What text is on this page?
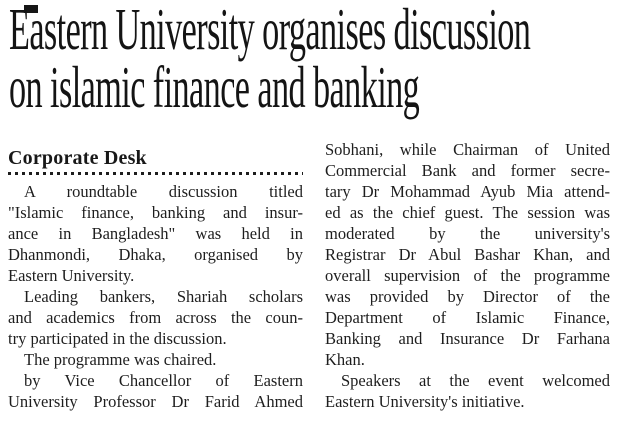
Eastern University organises discussion
on islamic finance and banking
Corporate Desk
A roundtable discussion titled
"Islamic finance, banking and insur-
ance in Bangladesh" was held in
Dhanmondi, Dhaka, organised by
Eastern University.
Leading bankers, Shariah scholars
and academics from across the coun-
try participated in the discussion.
The programme was chaired.
by Vice Chancellor of Eastern
University Professor Dr Farid Ahmed
Sobhani, while Chairman of United
Commercial Bank and former secre-
tary Dr Mohammad Ayub Mia attend-
ed as the chief guest. The session was
moderated by the university's
Registrar Dr Abul Bashar Khan, and
overall supervision of the programme
was provided by Director of the
Department of Islamic Finance,
Banking and Insurance Dr Farhana
Khan.
Speakers at the event welcomed
Eastern University's initiative.
